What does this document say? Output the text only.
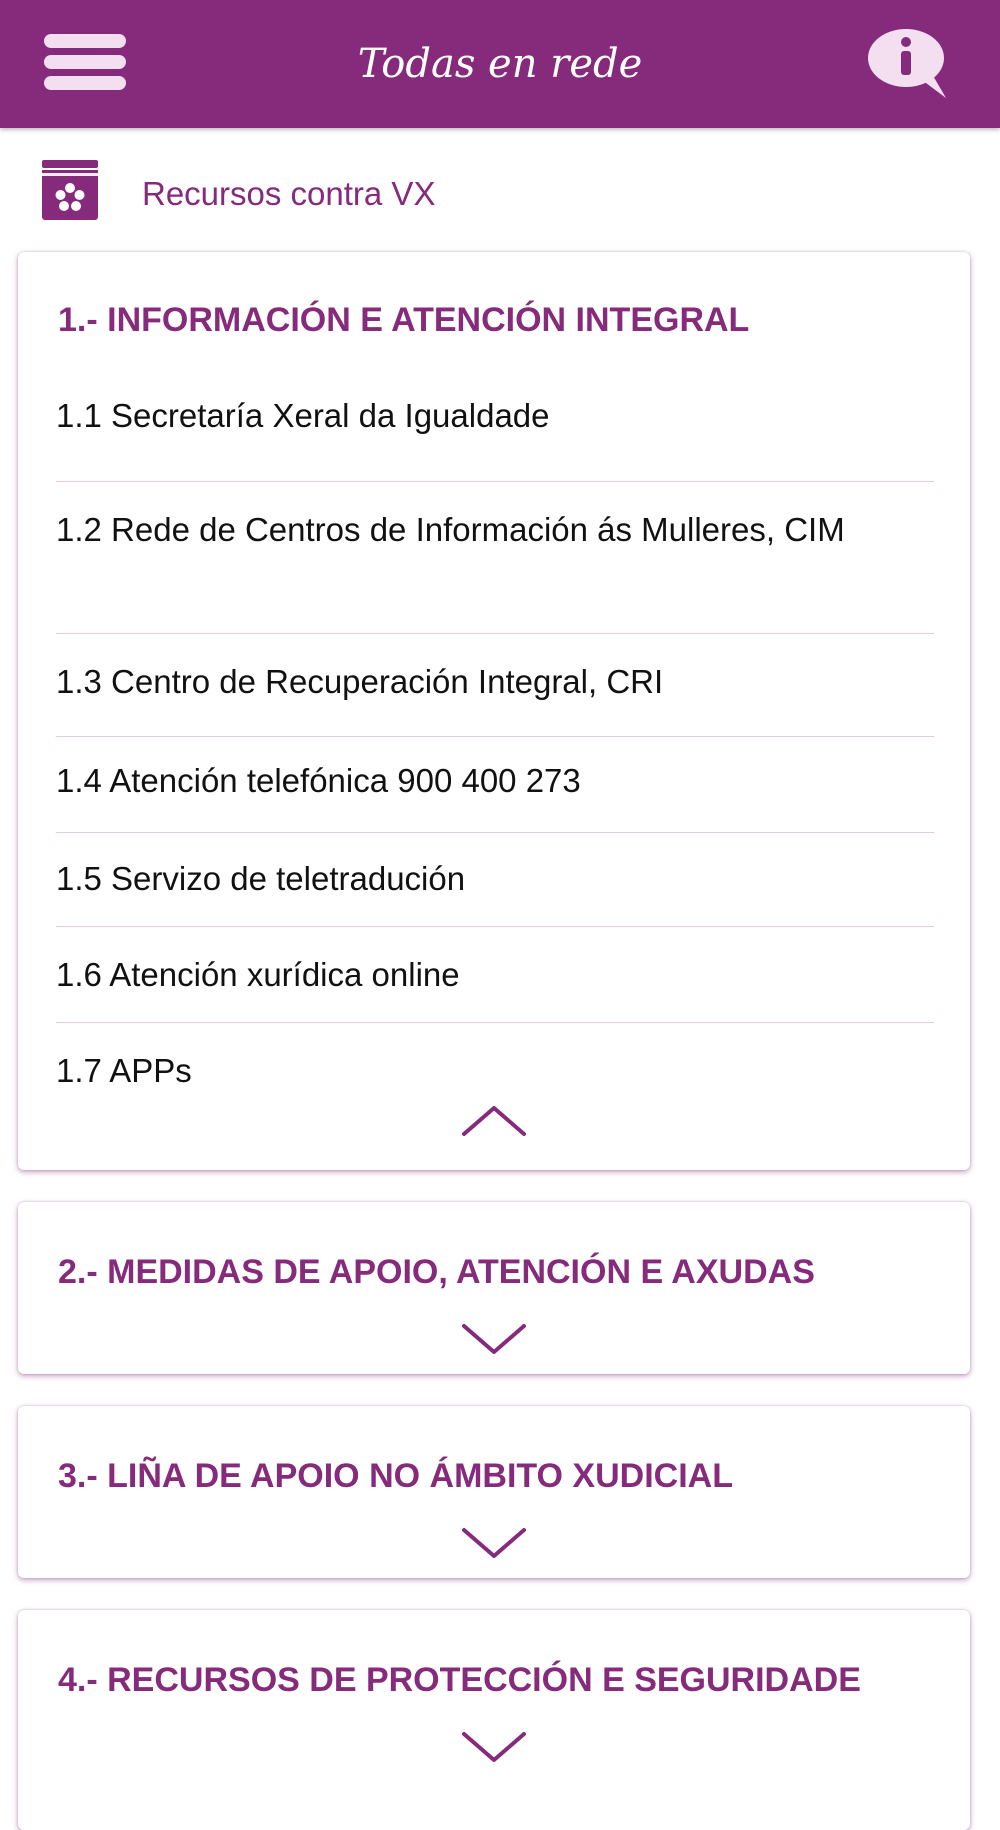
Todas en rede
Recursos contra VX
1.- INFORMACIÓN E ATENCIÓN INTEGRAL
1.1 Secretaría Xeral da Igualdade
1.2 Rede de Centros de Información ás Mulleres, CIM
1.3 Centro de Recuperación Integral, CRI
1.4 Atención telefónica 900 400 273
1.5 Servizo de teletradución
1.6 Atención xurídica online
1.7 APPs
2.- MEDIDAS DE APOIO, ATENCIÓN E AXUDAS
3.- LIÑA DE APOIO NO ÁMBITO XUDICIAL
4.- RECURSOS DE PROTECCIÓN E SEGURIDADE
